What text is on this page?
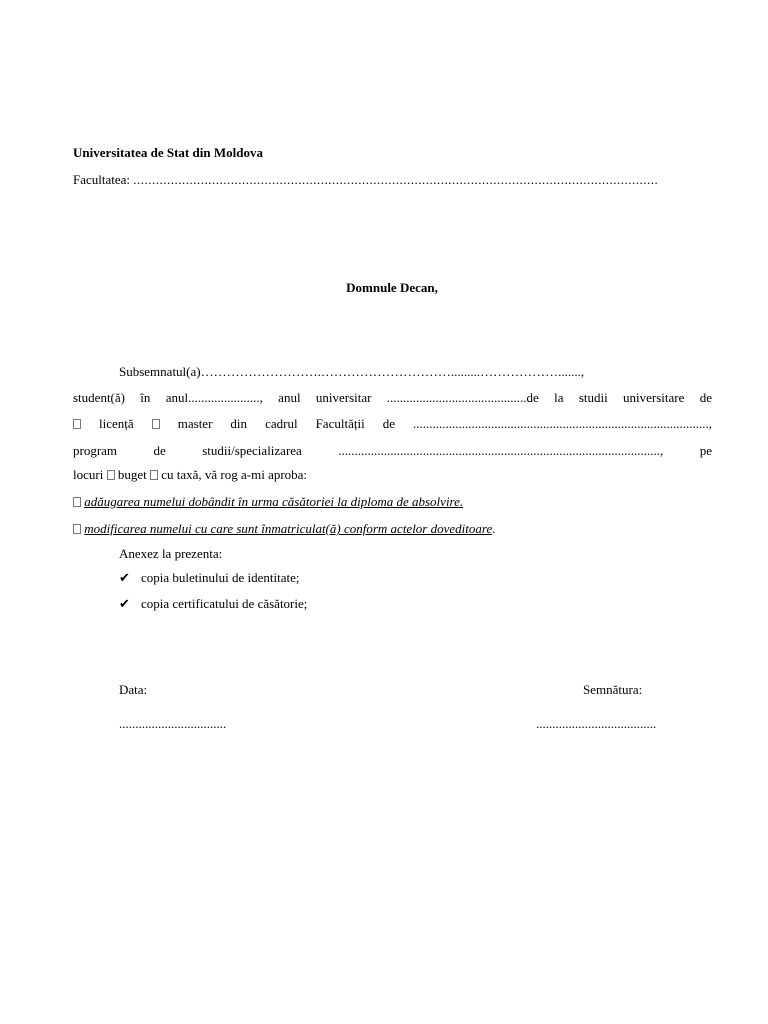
Universitatea de Stat din Moldova
Facultatea: ............................................................................................................................................
Domnule Decan,
Subsemnatul(a)……………………….………………………….........……………….......,
student(ă) în anul......................, anul universitar ...........................................de la studii universitare de
licență	master din cadrul Facultății de ...........................................................................................,
program de studii/specializarea	...................................................................................................,	pe
locuri buget cu taxă, vă rog a-mi aproba:
adăugarea numelui dobândit în urma căsătoriei la diploma de absolvire.
modificarea numelui cu care sunt înmatriculat(ă) conform actelor doveditoare.
Anexez la prezenta:
✔ copia buletinului de identitate;
✔ copia certificatului de căsătorie;
Data:	Semnătura:
.................................	.....................................
